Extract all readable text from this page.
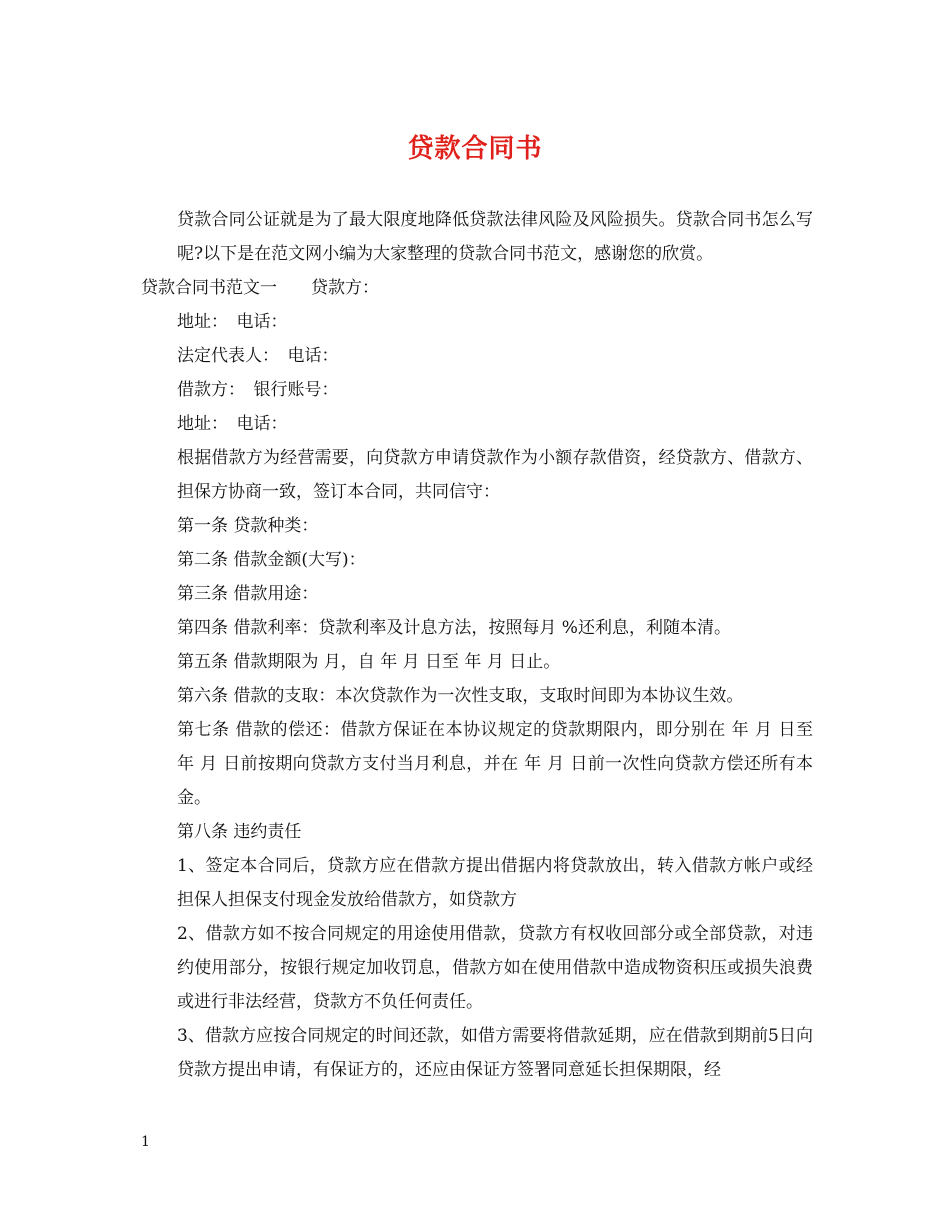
贷款合同书

贷款合同公证就是为了最大限度地降低贷款法律风险及风险损失。贷款合同书怎么写呢?以下是在范文网小编为大家整理的贷款合同书范文，感谢您的欣赏。

贷款合同书范文一　　贷款方：

地址：　电话：

法定代表人：　电话：

借款方：　银行账号：

地址：　电话：

根据借款方为经营需要，向贷款方申请贷款作为小额存款借资，经贷款方、借款方、担保方协商一致，签订本合同，共同信守：

第一条 贷款种类：

第二条 借款金额(大写)：

第三条 借款用途：

第四条 借款利率：贷款利率及计息方法，按照每月 %还利息，利随本清。

第五条 借款期限为 月，自 年 月 日至 年 月 日止。

第六条 借款的支取：本次贷款作为一次性支取，支取时间即为本协议生效。

第七条 借款的偿还：借款方保证在本协议规定的贷款期限内，即分别在 年 月 日至 年 月 日前按期向贷款方支付当月利息，并在 年 月 日前一次性向贷款方偿还所有本金。

第八条 违约责任

1、签定本合同后，贷款方应在借款方提出借据内将贷款放出，转入借款方帐户或经担保人担保支付现金发放给借款方，如贷款方

2、借款方如不按合同规定的用途使用借款，贷款方有权收回部分或全部贷款，对违约使用部分，按银行规定加收罚息，借款方如在使用借款中造成物资积压或损失浪费或进行非法经营，贷款方不负任何责任。

3、借款方应按合同规定的时间还款，如借方需要将借款延期，应在借款到期前5日向贷款方提出申请，有保证方的，还应由保证方签署同意延长担保期限，经

1
